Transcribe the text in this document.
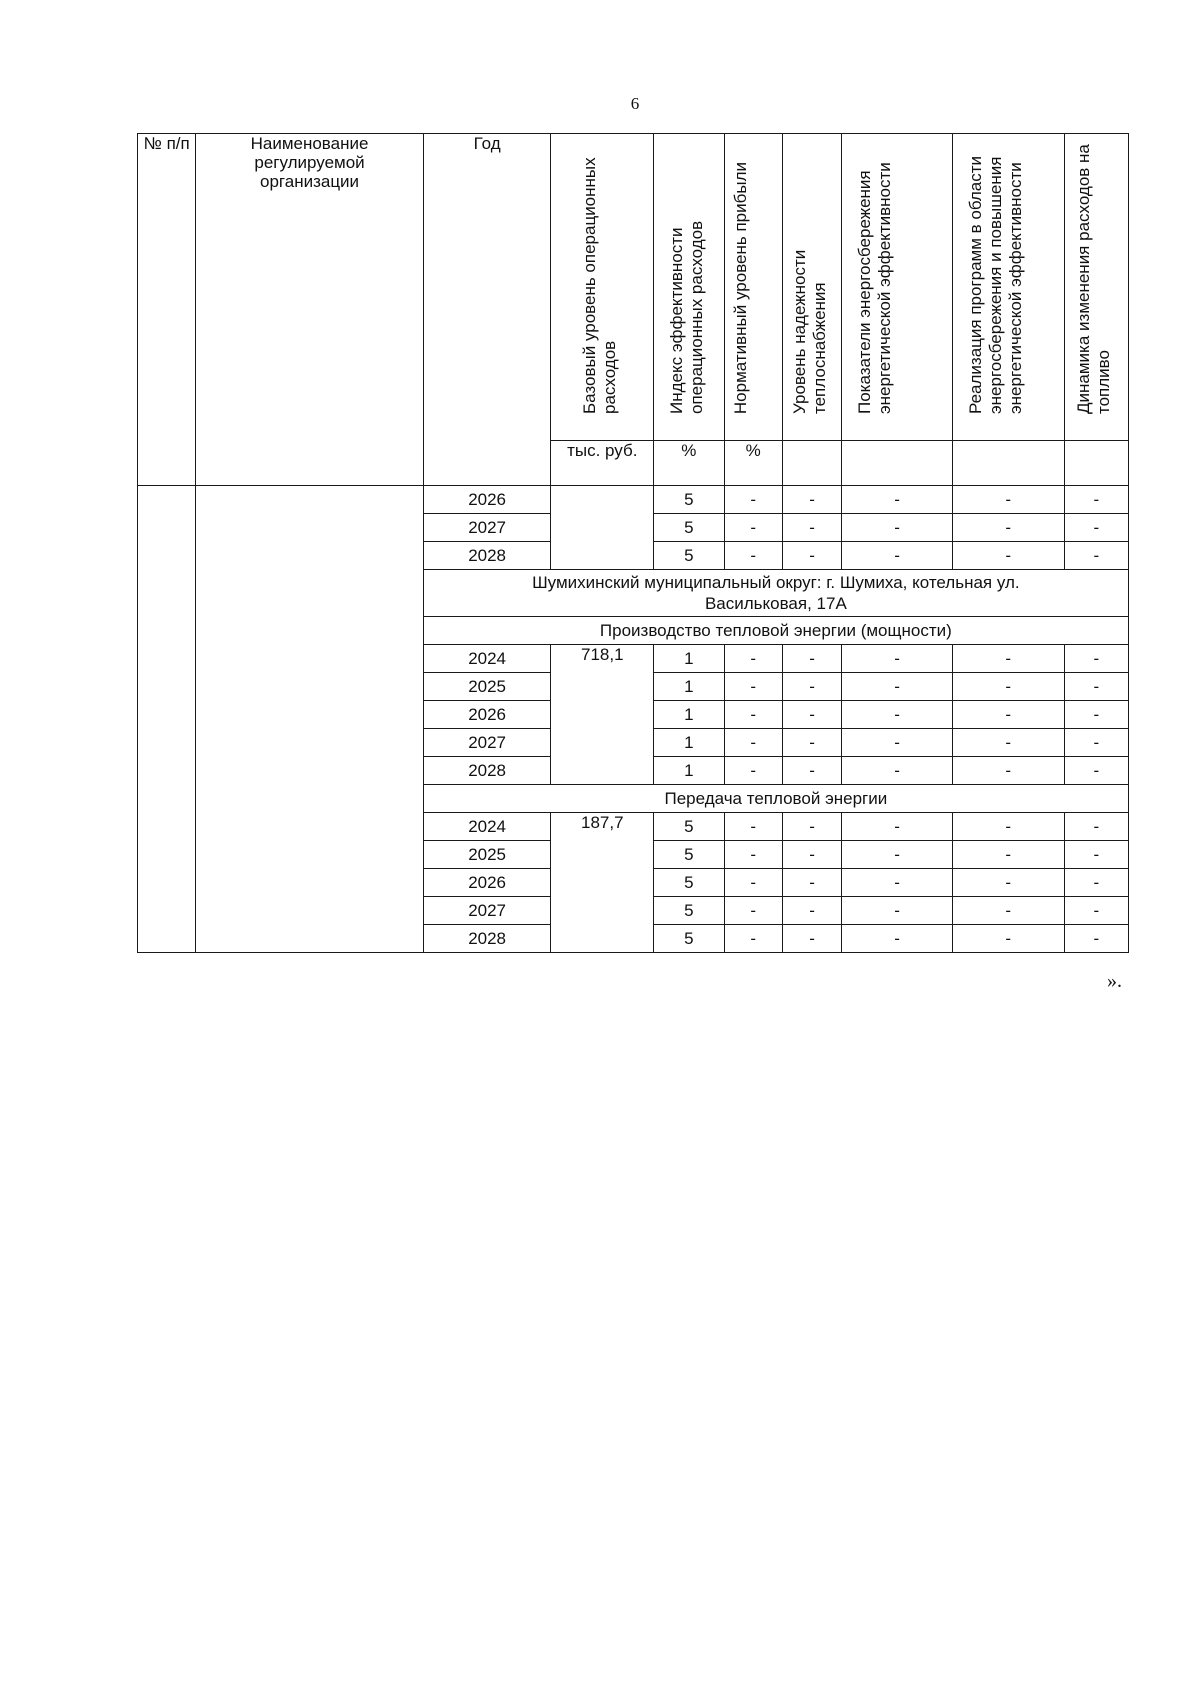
6
№ п/п	Наименование регулируемой организации	Год	Базовый уровень операционных расходов	Индекс эффективности операционных расходов	Нормативный уровень прибыли	Уровень надежности теплоснабжения	Показатели энергосбережения энергетической эффективности	Реализация программ в области энергосбережения и повышения энергетической эффективности	Динамика изменения расходов на топливо

			тыс. руб.	%	%				
		2026		5	-	-	-	-	-
		2027		5	-	-	-	-	-
		2028		5	-	-	-	-	-
		Шумихинский муниципальный округ: г. Шумиха, котельная ул. Васильковая, 17А							
		Производство тепловой энергии (мощности)							
		2024	718,1	1	-	-	-	-	-
		2025		1	-	-	-	-	-
		2026		1	-	-	-	-	-
		2027		1	-	-	-	-	-
		2028		1	-	-	-	-	-
		Передача тепловой энергии							
		2024	187,7	5	-	-	-	-	-
		2025		5	-	-	-	-	-
		2026		5	-	-	-	-	-
		2027		5	-	-	-	-	-
		2028		5	-	-	-	-	-
».
